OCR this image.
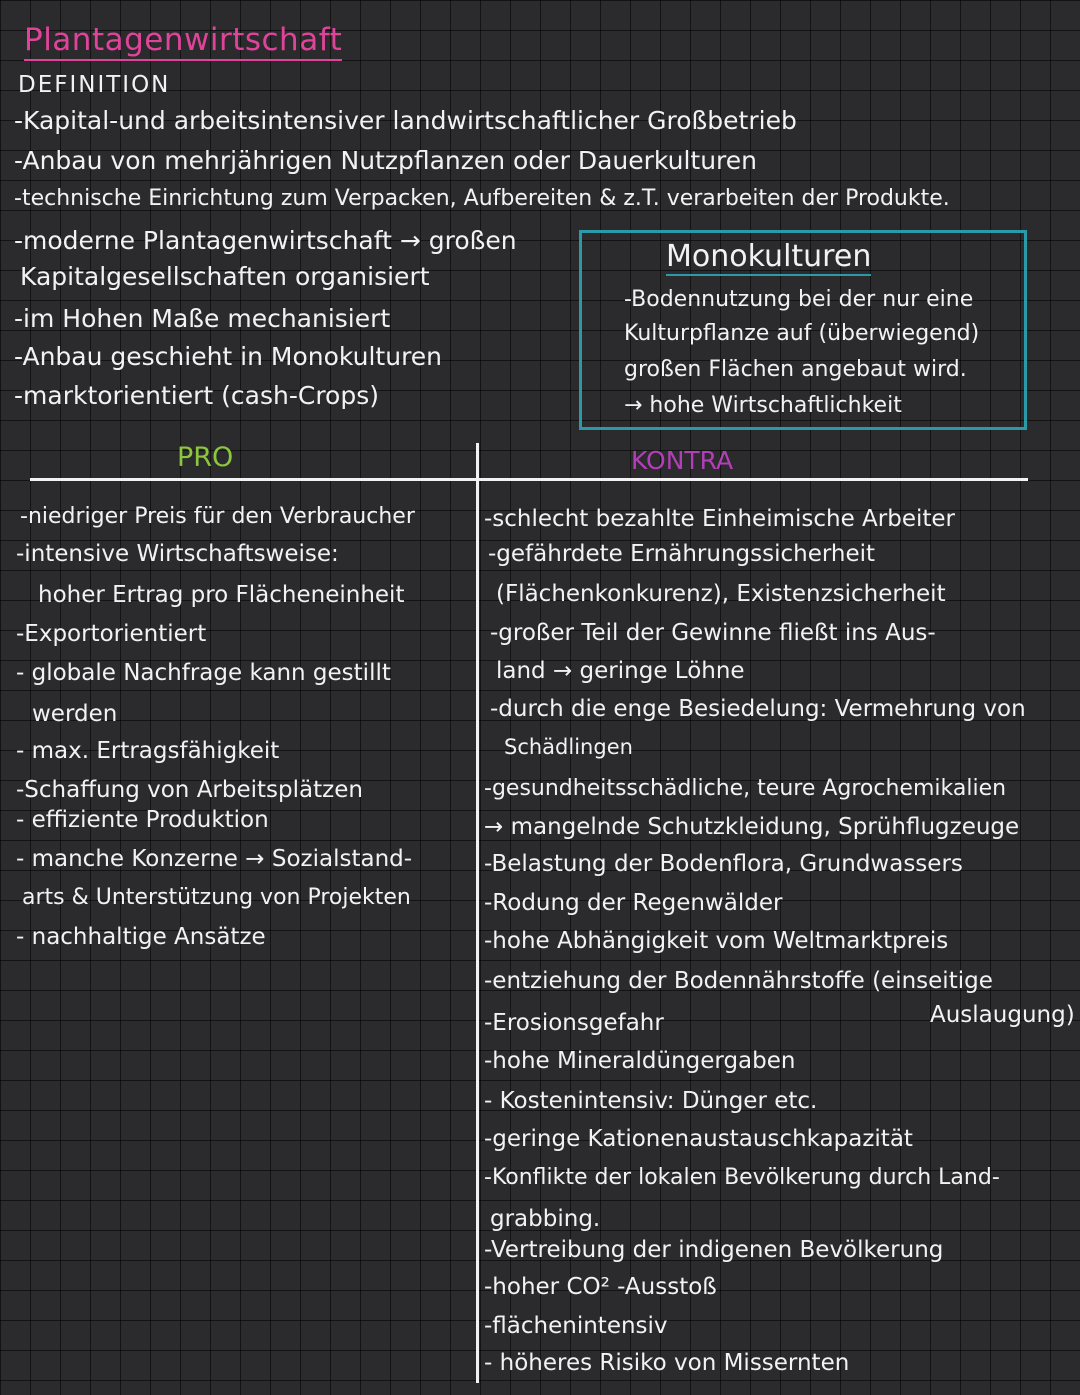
Plantagenwirtschaft
DEFINITION
-Kapital-und arbeitsintensiver landwirtschaftlicher Großbetrieb
-Anbau von mehrjährigen Nutzpflanzen oder Dauerkulturen
-technische Einrichtung zum Verpacken, Aufbereiten & z.T. verarbeiten der Produkte.
-moderne Plantagenwirtschaft → großen
Kapitalgesellschaften organisiert
-im Hohen Maße mechanisiert
-Anbau geschieht in Monokulturen
-marktorientiert (cash-Crops)
Monokulturen
-Bodennutzung bei der nur eine
Kulturpflanze auf (überwiegend)
großen Flächen angebaut wird.
→ hohe Wirtschaftlichkeit
PRO	KONTRA
-niedriger Preis für den Verbraucher
-intensive Wirtschaftsweise:
hoher Ertrag pro Flächeneinheit
-Exportorientiert
- globale Nachfrage kann gestillt
werden
- max. Ertragsfähigkeit
-Schaffung von Arbeitsplätzen
- effiziente Produktion
- manche Konzerne → Sozialstand-
arts & Unterstützung von Projekten
- nachhaltige Ansätze
-schlecht bezahlte Einheimische Arbeiter
-gefährdete Ernährungssicherheit
(Flächenkonkurenz), Existenzsicherheit
-großer Teil der Gewinne fließt ins Aus-
land → geringe Löhne
-durch die enge Besiedelung: Vermehrung von
Schädlingen
-gesundheitsschädliche, teure Agrochemikalien
→ mangelnde Schutzkleidung, Sprühflugzeuge
-Belastung der Bodenflora, Grundwassers
-Rodung der Regenwälder
-hohe Abhängigkeit vom Weltmarktpreis
-entziehung der Bodennährstoffe (einseitige
-Erosionsgefahr	Auslaugung)
-hohe Mineraldüngergaben
- Kostenintensiv: Dünger etc.
-geringe Kationenaustauschkapazität
-Konflikte der lokalen Bevölkerung durch Land-
grabbing.
-Vertreibung der indigenen Bevölkerung
-hoher CO² -Ausstoß
-flächenintensiv
- höheres Risiko von Missernten
